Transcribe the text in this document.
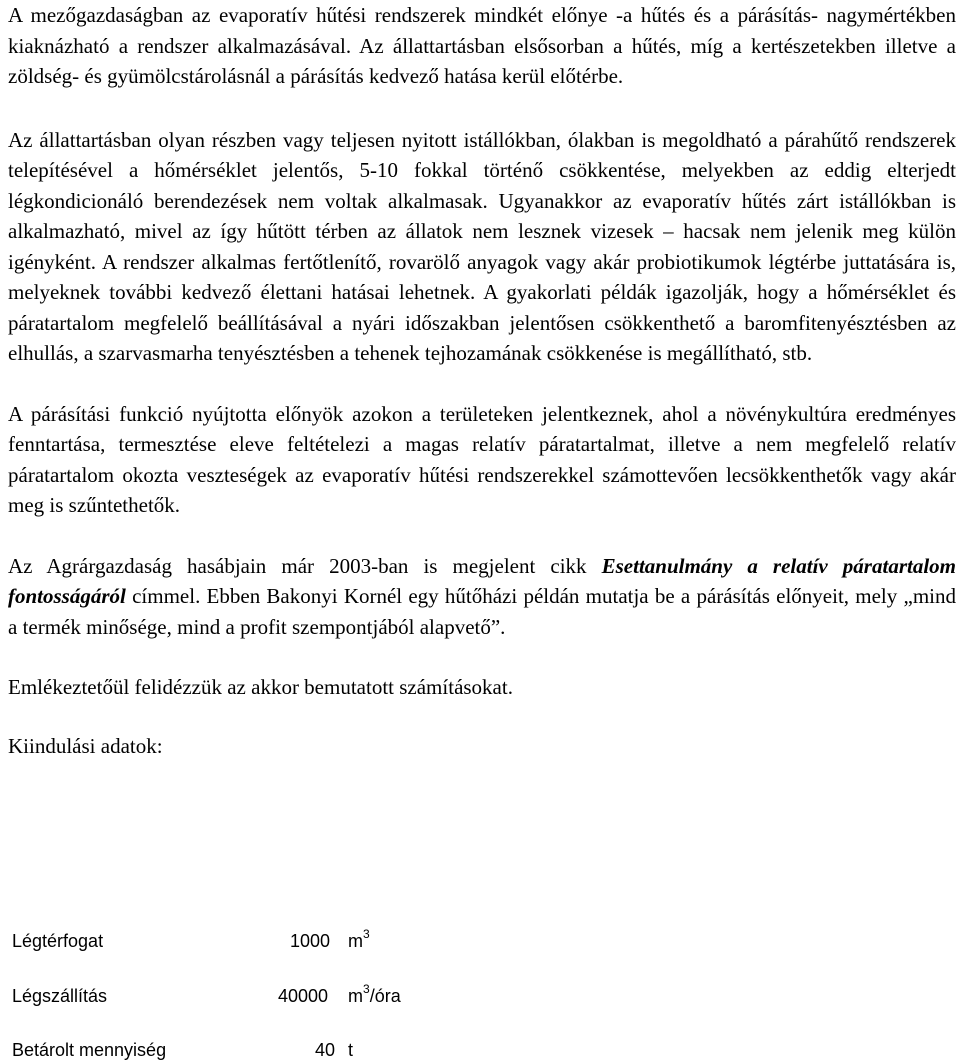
A mezőgazdaságban az evaporatív hűtési rendszerek mindkét előnye -a hűtés és a párásítás- nagymértékben kiaknázható a rendszer alkalmazásával. Az állattartásban elsősorban a hűtés, míg a kertészetekben illetve a zöldség- és gyümölcstárolásnál a párásítás kedvező hatása kerül előtérbe.

Az állattartásban olyan részben vagy teljesen nyitott istállókban, ólakban is megoldható a párahűtő rendszerek telepítésével a hőmérséklet jelentős, 5-10 fokkal történő csökkentése, melyekben az eddig elterjedt légkondicionáló berendezések nem voltak alkalmasak. Ugyanakkor az evaporatív hűtés zárt istállókban is alkalmazható, mivel az így hűtött térben az állatok nem lesznek vizesek – hacsak nem jelenik meg külön igényként. A rendszer alkalmas fertőtlenítő, rovarölő anyagok vagy akár probiotikumok légtérbe juttatására is, melyeknek további kedvező élettani hatásai lehetnek. A gyakorlati példák igazolják, hogy a hőmérséklet és páratartalom megfelelő beállításával a nyári időszakban jelentősen csökkenthető a baromfitenyésztésben az elhullás, a szarvasmarha tenyésztésben a tehenek tejhozamának csökkenése is megállítható, stb.

A párásítási funkció nyújtotta előnyök azokon a területeken jelentkeznek, ahol a növénykultúra eredményes fenntartása, termesztése eleve feltételezi a magas relatív páratartalmat, illetve a nem megfelelő relatív páratartalom okozta veszteségek az evaporatív hűtési rendszerekkel számottevően lecsökkenthetők vagy akár meg is szűntethetők.

Az Agrárgazdaság hasábjain már 2003-ban is megjelent cikk Esettanulmány a relatív páratartalom fontosságáról címmel. Ebben Bakonyi Kornél egy hűtőházi példán mutatja be a párásítás előnyeit, mely „mind a termék minősége, mind a profit szempontjából alapvető”.

Emlékeztetőül felidézzük az akkor bemutatott számításokat.

Kiindulási adatok:

Légtérfogat	1000 $m^3$
Légszállítás	40000 $m^3$/óra
Betárolt mennyiség	40 t
